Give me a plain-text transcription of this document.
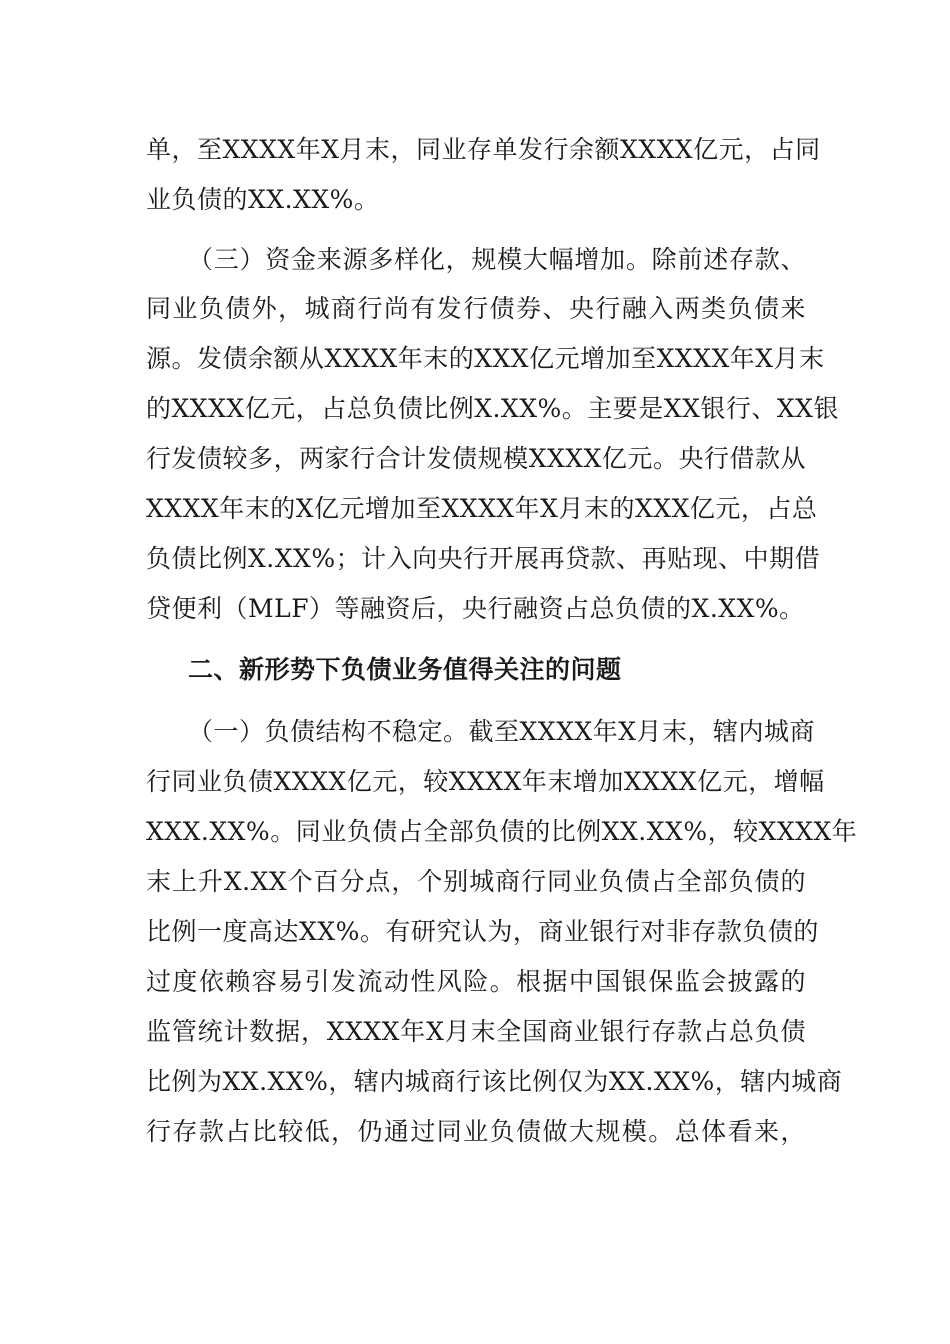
单，至XXXX年X月末，同业存单发行余额XXXX亿元，占同
业负债的XX.XX%。
（三）资金来源多样化，规模大幅增加。除前述存款、
同业负债外，城商行尚有发行债券、央行融入两类负债来
源。发债余额从XXXX年末的XXX亿元增加至XXXX年X月末
的XXXX亿元，占总负债比例X.XX%。主要是XX银行、XX银
行发债较多，两家行合计发债规模XXXX亿元。央行借款从
XXXX年末的X亿元增加至XXXX年X月末的XXX亿元，占总
负债比例X.XX%；计入向央行开展再贷款、再贴现、中期借
贷便利（MLF）等融资后，央行融资占总负债的X.XX%。
二、新形势下负债业务值得关注的问题
（一）负债结构不稳定。截至XXXX年X月末，辖内城商
行同业负债XXXX亿元，较XXXX年末增加XXXX亿元，增幅
XXX.XX%。同业负债占全部负债的比例XX.XX%，较XXXX年
末上升X.XX个百分点，个别城商行同业负债占全部负债的
比例一度高达XX%。有研究认为，商业银行对非存款负债的
过度依赖容易引发流动性风险。根据中国银保监会披露的
监管统计数据，XXXX年X月末全国商业银行存款占总负债
比例为XX.XX%，辖内城商行该比例仅为XX.XX%，辖内城商
行存款占比较低，仍通过同业负债做大规模。总体看来，
